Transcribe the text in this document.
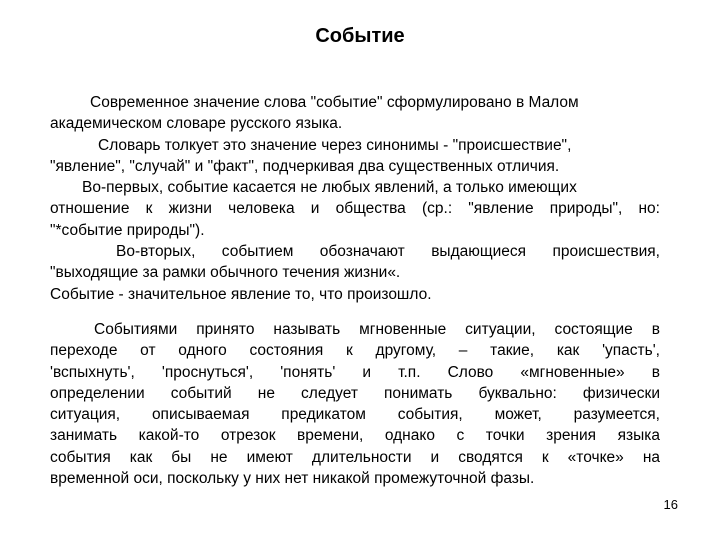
Событие
Современное значение слова "событие" сформулировано в Малом
академическом словаре русского языка.
Словарь толкует это значение через синонимы - "происшествие",
"явление", "случай" и "факт", подчеркивая два существенных отличия.
Во-первых, событие касается не любых явлений, а только имеющих
отношение к жизни человека и общества (ср.: "явление природы", но:
"*событие природы").
Во-вторых, событием обозначают выдающиеся происшествия,
"выходящие за рамки обычного течения жизни«.
Событие - значительное явление то, что произошло.
Событиями принято называть мгновенные ситуации, состоящие в
переходе от одного состояния к другому, – такие, как 'упасть',
'вспыхнуть', 'проснуться', 'понять' и т.п. Слово «мгновенные» в
определении событий не следует понимать буквально: физически
ситуация, описываемая предикатом события, может, разумеется,
занимать какой-то отрезок времени, однако с точки зрения языка
события как бы не имеют длительности и сводятся к «точке» на
временной оси, поскольку у них нет никакой промежуточной фазы.
16
